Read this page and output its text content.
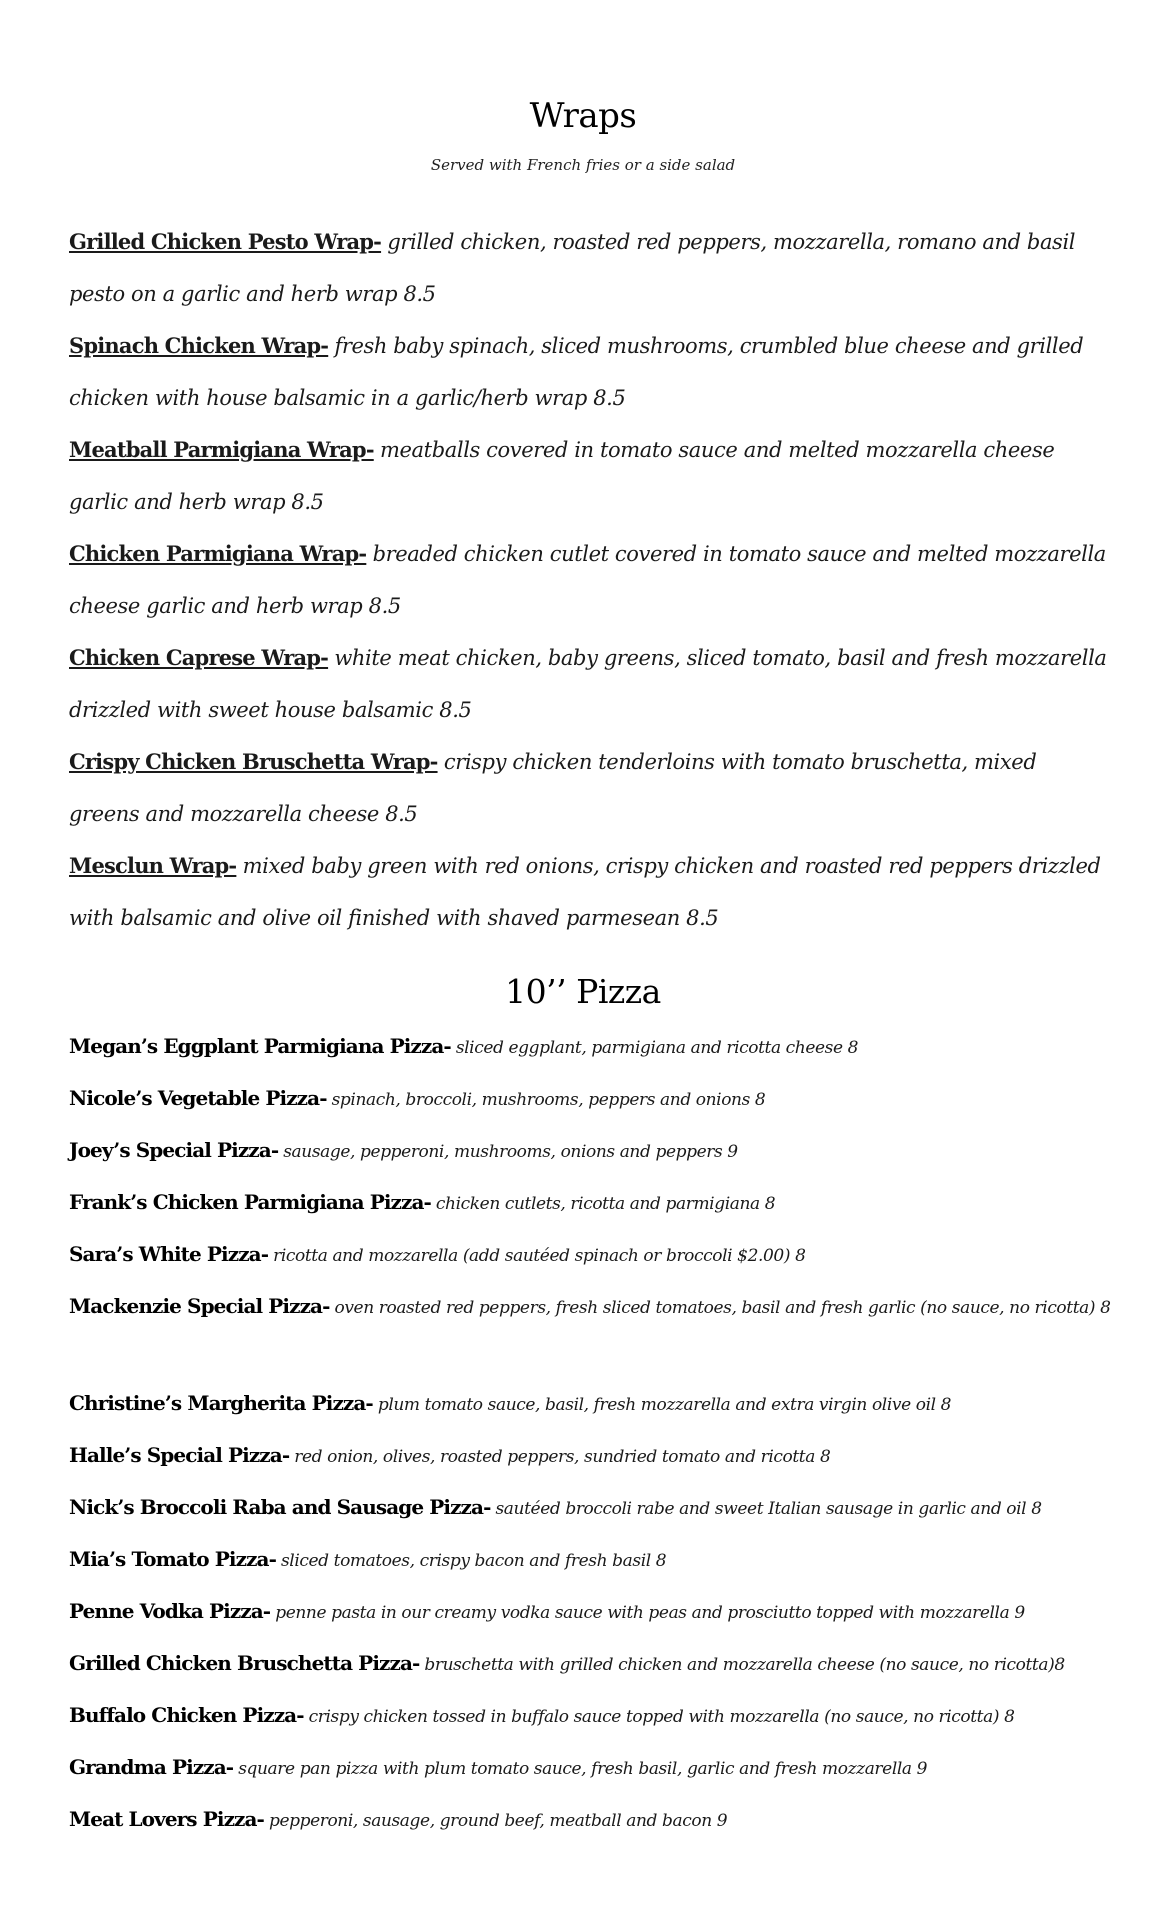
Wraps
Served with French fries or a side salad
Grilled Chicken Pesto Wrap- grilled chicken, roasted red peppers, mozzarella, romano and basil pesto on a garlic and herb wrap 8.5
Spinach Chicken Wrap- fresh baby spinach, sliced mushrooms, crumbled blue cheese and grilled chicken with house balsamic in a garlic/herb wrap 8.5
Meatball Parmigiana Wrap- meatballs covered in tomato sauce and melted mozzarella cheese garlic and herb wrap 8.5
Chicken Parmigiana Wrap- breaded chicken cutlet covered in tomato sauce and melted mozzarella cheese garlic and herb wrap 8.5
Chicken Caprese Wrap- white meat chicken, baby greens, sliced tomato, basil and fresh mozzarella drizzled with sweet house balsamic 8.5
Crispy Chicken Bruschetta Wrap- crispy chicken tenderloins with tomato bruschetta, mixed greens and mozzarella cheese 8.5
Mesclun Wrap- mixed baby green with red onions, crispy chicken and roasted red peppers drizzled with balsamic and olive oil finished with shaved parmesean 8.5
10’’ Pizza
Megan’s Eggplant Parmigiana Pizza- sliced eggplant, parmigiana and ricotta cheese 8
Nicole’s Vegetable Pizza- spinach, broccoli, mushrooms, peppers and onions 8
Joey’s Special Pizza- sausage, pepperoni, mushrooms, onions and peppers 9
Frank’s Chicken Parmigiana Pizza- chicken cutlets, ricotta and parmigiana 8
Sara’s White Pizza- ricotta and mozzarella (add sautéed spinach or broccoli $2.00) 8
Mackenzie Special Pizza- oven roasted red peppers, fresh sliced tomatoes, basil and fresh garlic (no sauce, no ricotta) 8
Christine’s Margherita Pizza- plum tomato sauce, basil, fresh mozzarella and extra virgin olive oil 8
Halle’s Special Pizza- red onion, olives, roasted peppers, sundried tomato and ricotta 8
Nick’s Broccoli Raba and Sausage Pizza- sautéed broccoli rabe and sweet Italian sausage in garlic and oil 8
Mia’s Tomato Pizza- sliced tomatoes, crispy bacon and fresh basil 8
Penne Vodka Pizza- penne pasta in our creamy vodka sauce with peas and prosciutto topped with mozzarella 9
Grilled Chicken Bruschetta Pizza- bruschetta with grilled chicken and mozzarella cheese (no sauce, no ricotta)8
Buffalo Chicken Pizza- crispy chicken tossed in buffalo sauce topped with mozzarella (no sauce, no ricotta) 8
Grandma Pizza- square pan pizza with plum tomato sauce, fresh basil, garlic and fresh mozzarella 9
Meat Lovers Pizza- pepperoni, sausage, ground beef, meatball and bacon 9
